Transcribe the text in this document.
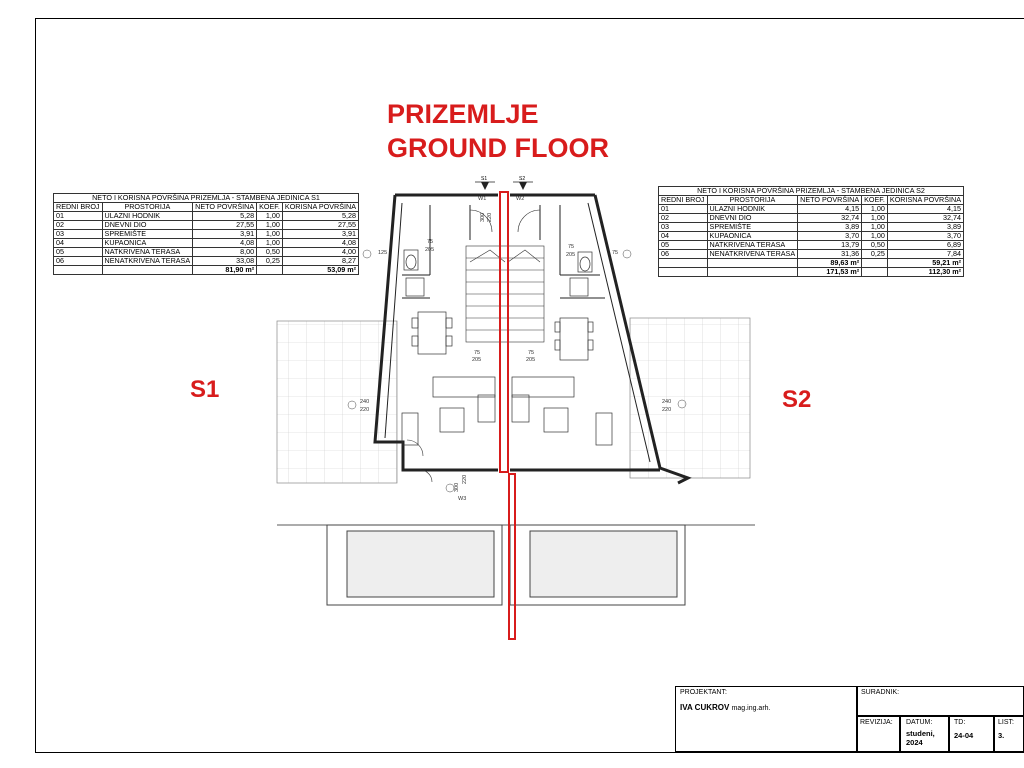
PRIZEMLJE
GROUND FLOOR
S1	S2
NETO I KORISNA POVRŠINA PRIZEMLJA - STAMBENA JEDINICA S1				
REDNI BROJ	PROSTORIJA	NETO POVRŠINA	KOEF.	KORISNA POVRŠINA
01	ULAZNI HODNIK	5,28	1,00	5,28
02	DNEVNI DIO	27,55	1,00	27,55
03	SPREMIŠTE	3,91	1,00	3,91
04	KUPAONICA	4,08	1,00	4,08
05	NATKRIVENA TERASA	8,00	0,50	4,00
06	NENATKRIVENA TERASA	33,08	0,25	8,27
		81,90 m²		53,09 m²
NETO I KORISNA POVRŠINA PRIZEMLJA - STAMBENA JEDINICA S2				
REDNI BROJ	PROSTORIJA	NETO POVRŠINA	KOEF.	KORISNA POVRŠINA
01	ULAZNI HODNIK	4,15	1,00	4,15
02	DNEVNI DIO	32,74	1,00	32,74
03	SPREMIŠTE	3,89	1,00	3,89
04	KUPAONICA	3,70	1,00	3,70
05	NATKRIVENA TERASA	13,79	0,50	6,89
06	NENATKRIVENA TERASA	31,36	0,25	7,84
		89,63 m²		59,21 m²
		171,53 m²		112,30 m²
S1	S2
W1	W2
W3
75
205
75
205
75
205
75
205
240
220
240
220
75
125
300 220
300
220
PROJEKTANT:
IVA CUKROV mag.ing.arh.
SURADNIK:
REVIZIJA: DATUM:
studeni, 2024
TD:
24-04
LIST:
3.
